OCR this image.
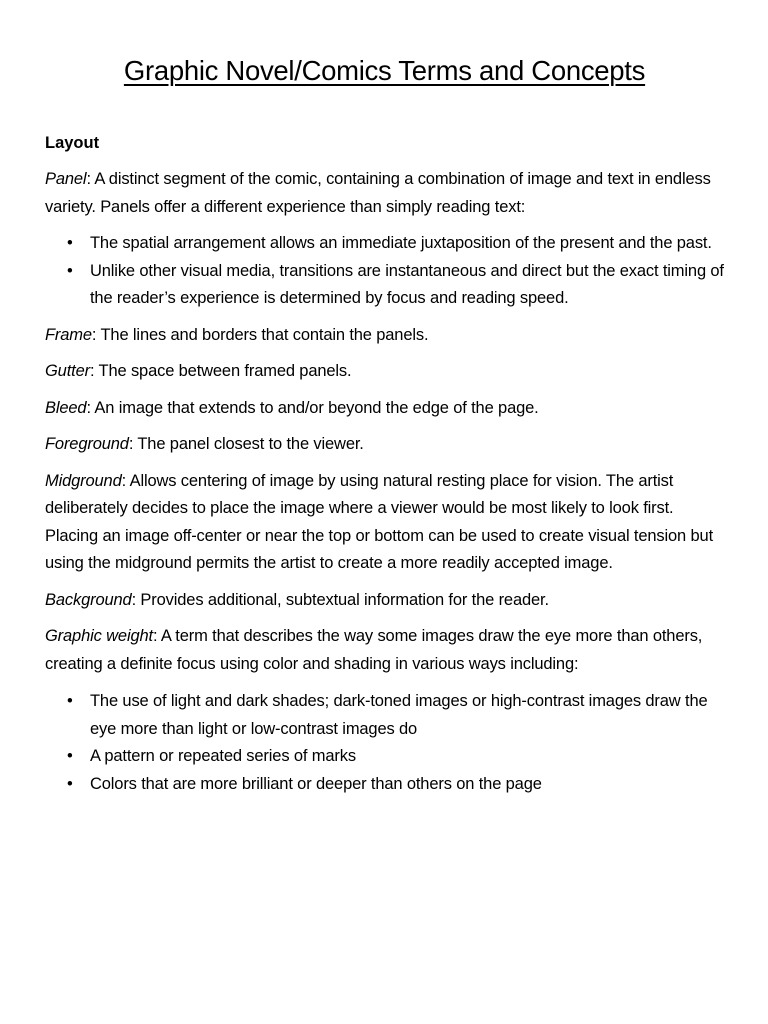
Graphic Novel/Comics Terms and Concepts
Layout

Panel: A distinct segment of the comic, containing a combination of image and text in endless variety. Panels offer a different experience than simply reading text:

• The spatial arrangement allows an immediate juxtaposition of the present and the past.
• Unlike other visual media, transitions are instantaneous and direct but the exact timing of the reader’s experience is determined by focus and reading speed.

Frame: The lines and borders that contain the panels.

Gutter: The space between framed panels.

Bleed: An image that extends to and/or beyond the edge of the page.

Foreground: The panel closest to the viewer.

Midground: Allows centering of image by using natural resting place for vision. The artist deliberately decides to place the image where a viewer would be most likely to look first. Placing an image off-center or near the top or bottom can be used to create visual tension but using the midground permits the artist to create a more readily accepted image.

Background: Provides additional, subtextual information for the reader.

Graphic weight: A term that describes the way some images draw the eye more than others, creating a definite focus using color and shading in various ways including:

• The use of light and dark shades; dark-toned images or high-contrast images draw the eye more than light or low-contrast images do
• A pattern or repeated series of marks
• Colors that are more brilliant or deeper than others on the page
